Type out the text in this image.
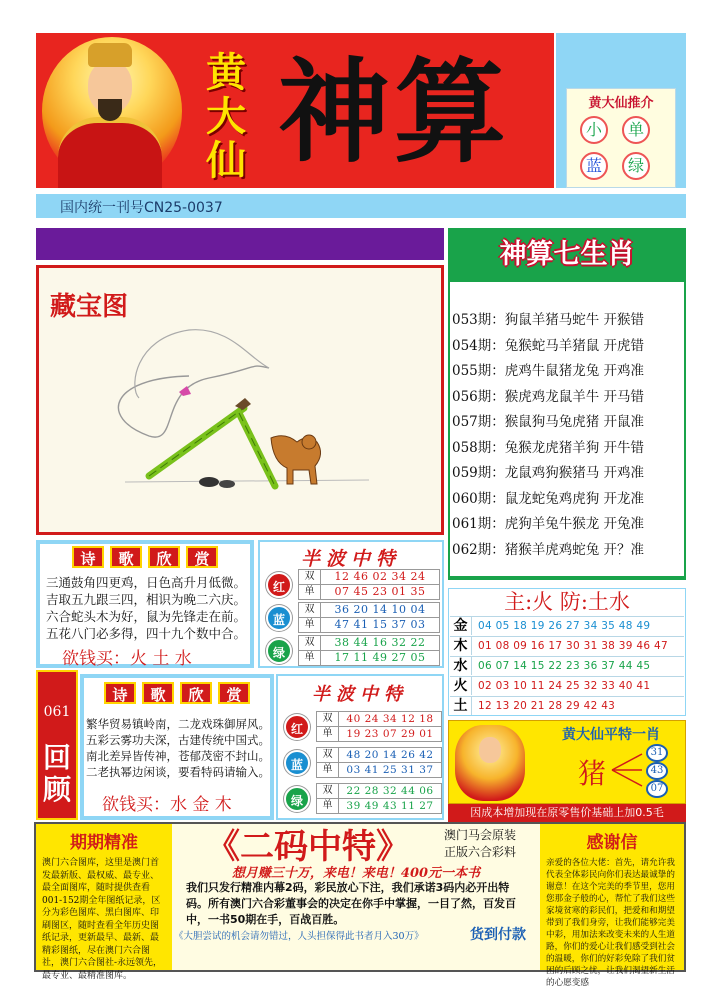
黄
大
仙 神算	黄大仙推介
小	单
蓝	绿
国内统一刊号CN25-0037
藏宝图
神算七生肖
053期：狗鼠羊猪马蛇牛 开猴错
054期：兔猴蛇马羊猪鼠 开虎错
055期：虎鸡牛鼠猪龙兔 开鸡准
056期：猴虎鸡龙鼠羊牛 开马错
057期：猴鼠狗马兔虎猪 开鼠准
058期：兔猴龙虎猪羊狗 开牛错
059期：龙鼠鸡狗猴猪马 开鸡准
060期：鼠龙蛇兔鸡虎狗 开龙准
061期：虎狗羊兔牛猴龙 开兔准
062期：猪猴羊虎鸡蛇兔 开？准
诗	歌	欣	赏
三通鼓角四更鸡，日色高升月低微。
吉取五九跟三四，相识为晚二六庆。
六合蛇头木为好，鼠为先锋走在前。
五花八门必多得，四十九个数中合。
欲钱买：火 土 水
半波中特
红
双	12 46 02 34 24
单	07 45 23 01 35
蓝
双	36 20 14 10 04
单	47 41 15 37 03
绿
双	38 44 16 32 22
单	17 11 49 27 05
主:火 防:土水
金	04 05 18 19 26 27 34 35 48 49
木	01 08 09 16 17 30 31 38 39 46 47
水	06 07 14 15 22 23 36 37 44 45
火	02 03 10 11 24 25 32 33 40 41
土	12 13 20 21 28 29 42 43
061
回
顾
诗	歌	欣	赏
繁华贸易镇岭南，二龙戏珠御屏风。
五彩云雾功夫深，古建传统中国式。
南北差异皆传神，苍郁茂密不封山。
二老执幂边闲谈，要看特码请输入。
欲钱买：水 金 木
半波中特
红
双	40 24 34 12 18
单	19 23 07 29 01
蓝
双	48 20 14 26 42
单	03 41 25 31 37
绿
双	22 28 32 44 06
单	39 49 43 11 27
黄大仙平特一肖
猪
31
43
07
因成本增加现在原零售价基础上加0.5毛
期期精准
澳门六合图库，这里是澳门首发最新版、最权威、最专业、最全面图库，随时提供查看001-152期全年图纸记录，区分为彩色图库、黑白图库、印刷图区，随时查看全年历史图纸记录，更新最早、最新、最精彩图纸，尽在澳门六合图社，澳门六合图社-永远领先，最专业、最精准图库。
《二码中特》	澳门马会原装
正版六合彩料
想月赚三十万，来电！来电！400元一本书
我们只发行精准内幕2码，彩民放心下注，我们承诺3码内必开出特码。所有澳门六合彩董事会的决定在你手中掌握，一目了然，百发百中，一书50期在手，百战百胜。
《大胆尝试的机会请勿错过，人头担保得此书者月入30万》	货到付款
感谢信
亲爱的各位大佬：首先，请允许我代表全体彩民向你们表达最诚挚的谢意！在这个完美的季节里，您用您那金子般的心，帮忙了我们这些家境贫寒的彩民们，把爱和和期望带到了我们身旁，让我们能够完美中彩，用加法来改变未来的人生道路，你们的爱心让我们感受到社会的温暖，你们的好彩免除了我们贫困的后顾之忧，让我们渴望新生活的心愿变感
